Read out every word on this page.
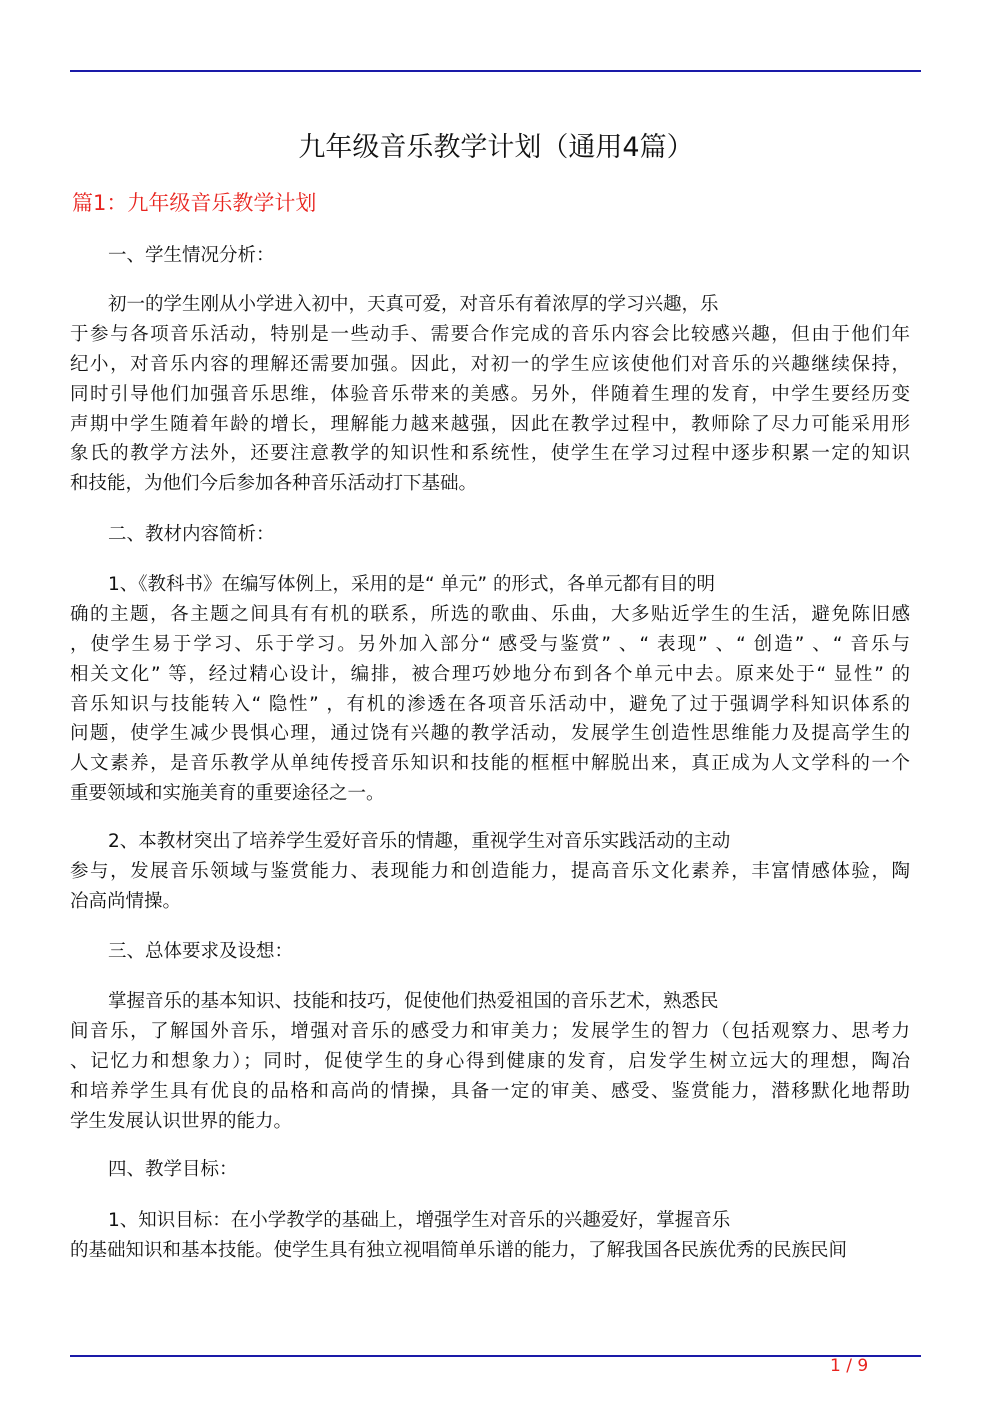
九年级音乐教学计划（通用4篇）
篇1：九年级音乐教学计划
一、学生情况分析：
初一的学生刚从小学进入初中，天真可爱，对音乐有着浓厚的学习兴趣，乐
于参与各项音乐活动，特别是一些动手、需要合作完成的音乐内容会比较感兴趣，但由于他们年
纪小，对音乐内容的理解还需要加强。因此，对初一的学生应该使他们对音乐的兴趣继续保持，
同时引导他们加强音乐思维，体验音乐带来的美感。另外，伴随着生理的发育，中学生要经历变
声期中学生随着年龄的增长，理解能力越来越强，因此在教学过程中，教师除了尽力可能采用形
象氏的教学方法外，还要注意教学的知识性和系统性，使学生在学习过程中逐步积累一定的知识
和技能，为他们今后参加各种音乐活动打下基础。
二、教材内容简析：
1、《教科书》在编写体例上，采用的是“ 单元” 的形式，各单元都有目的明
确的主题，各主题之间具有有机的联系，所选的歌曲、乐曲，大多贴近学生的生活，避免陈旧感
，使学生易于学习、乐于学习。另外加入部分“ 感受与鉴赏” 、“ 表现” 、“ 创造” 、“ 音乐与
相关文化” 等，经过精心设计，编排，被合理巧妙地分布到各个单元中去。原来处于“ 显性” 的
音乐知识与技能转入“ 隐性” ，有机的渗透在各项音乐活动中，避免了过于强调学科知识体系的
问题，使学生减少畏惧心理，通过饶有兴趣的教学活动，发展学生创造性思维能力及提高学生的
人文素养，是音乐教学从单纯传授音乐知识和技能的框框中解脱出来，真正成为人文学科的一个
重要领域和实施美育的重要途径之一。
2、本教材突出了培养学生爱好音乐的情趣，重视学生对音乐实践活动的主动
参与，发展音乐领域与鉴赏能力、表现能力和创造能力，提高音乐文化素养，丰富情感体验，陶
冶高尚情操。
三、总体要求及设想：
掌握音乐的基本知识、技能和技巧，促使他们热爱祖国的音乐艺术，熟悉民
间音乐，了解国外音乐，增强对音乐的感受力和审美力；发展学生的智力（包括观察力、思考力
、记忆力和想象力）；同时，促使学生的身心得到健康的发育，启发学生树立远大的理想，陶冶
和培养学生具有优良的品格和高尚的情操，具备一定的审美、感受、鉴赏能力，潜移默化地帮助
学生发展认识世界的能力。
四、教学目标：
1、知识目标：在小学教学的基础上，增强学生对音乐的兴趣爱好，掌握音乐
的基础知识和基本技能。使学生具有独立视唱简单乐谱的能力，了解我国各民族优秀的民族民间
1 / 9
